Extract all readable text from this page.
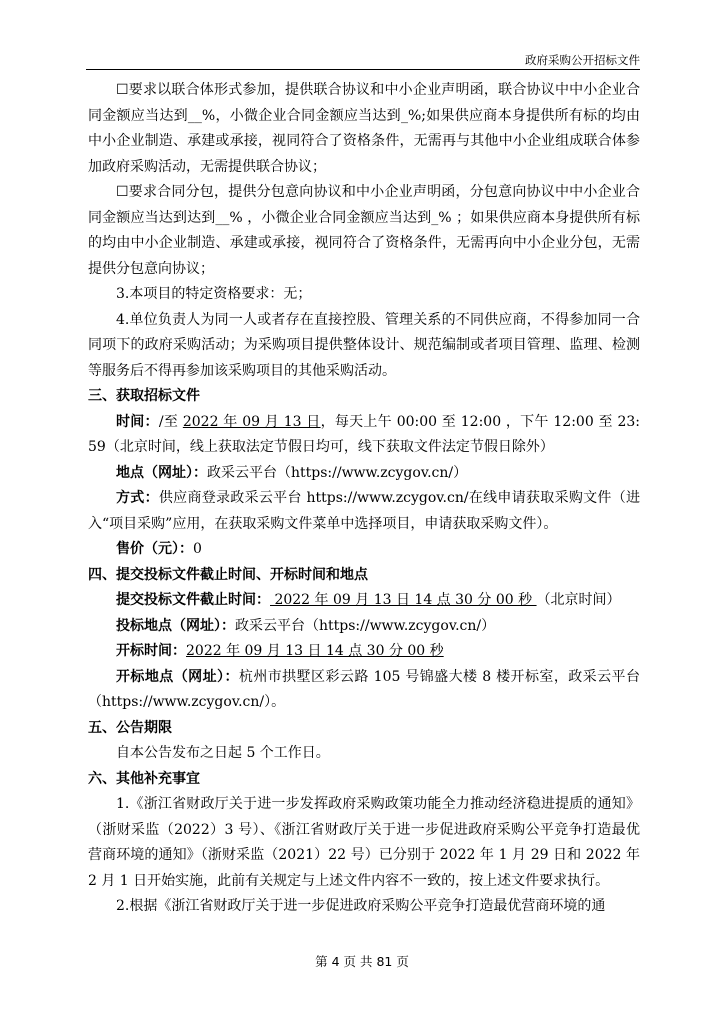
政府采购公开招标文件

☐要求以联合体形式参加，提供联合协议和中小企业声明函，联合协议中中小企业合同金额应当达到__%，小微企业合同金额应当达到_%;如果供应商本身提供所有标的均由中小企业制造、承建或承接，视同符合了资格条件，无需再与其他中小企业组成联合体参加政府采购活动，无需提供联合协议；

☐要求合同分包，提供分包意向协议和中小企业声明函，分包意向协议中中小企业合同金额应当达到达到__% ，小微企业合同金额应当达到_% ；如果供应商本身提供所有标的均由中小企业制造、承建或承接，视同符合了资格条件，无需再向中小企业分包，无需提供分包意向协议；

3.本项目的特定资格要求：无；

4.单位负责人为同一人或者存在直接控股、管理关系的不同供应商，不得参加同一合同项下的政府采购活动；为采购项目提供整体设计、规范编制或者项目管理、监理、检测等服务后不得再参加该采购项目的其他采购活动。

三、获取招标文件

时间：/至 2022 年 09 月 13 日，每天上午 00:00 至 12:00 ，下午 12:00 至 23:59（北京时间，线上获取法定节假日均可，线下获取文件法定节假日除外）

地点（网址）：政采云平台（https://www.zcygov.cn/）

方式：供应商登录政采云平台 https://www.zcygov.cn/在线申请获取采购文件（进入“项目采购”应用，在获取采购文件菜单中选择项目，申请获取采购文件）。

售价（元）：0

四、提交投标文件截止时间、开标时间和地点

提交投标文件截止时间： 2022 年 09 月 13 日 14 点 30 分 00 秒 （北京时间）

投标地点（网址）：政采云平台（https://www.zcygov.cn/）

开标时间：2022 年 09 月 13 日 14 点 30 分 00 秒

开标地点（网址）：杭州市拱墅区彩云路 105 号锦盛大楼 8 楼开标室，政采云平台（https://www.zcygov.cn/）。

五、公告期限

自本公告发布之日起 5 个工作日。

六、其他补充事宜

1.《浙江省财政厅关于进一步发挥政府采购政策功能全力推动经济稳进提质的通知》（浙财采监（2022）3 号）、《浙江省财政厅关于进一步促进政府采购公平竞争打造最优营商环境的通知》（浙财采监（2021）22 号）已分别于 2022 年 1 月 29 日和 2022 年 2 月 1 日开始实施，此前有关规定与上述文件内容不一致的，按上述文件要求执行。

2.根据《浙江省财政厅关于进一步促进政府采购公平竞争打造最优营商环境的通

第 4 页 共 81 页
